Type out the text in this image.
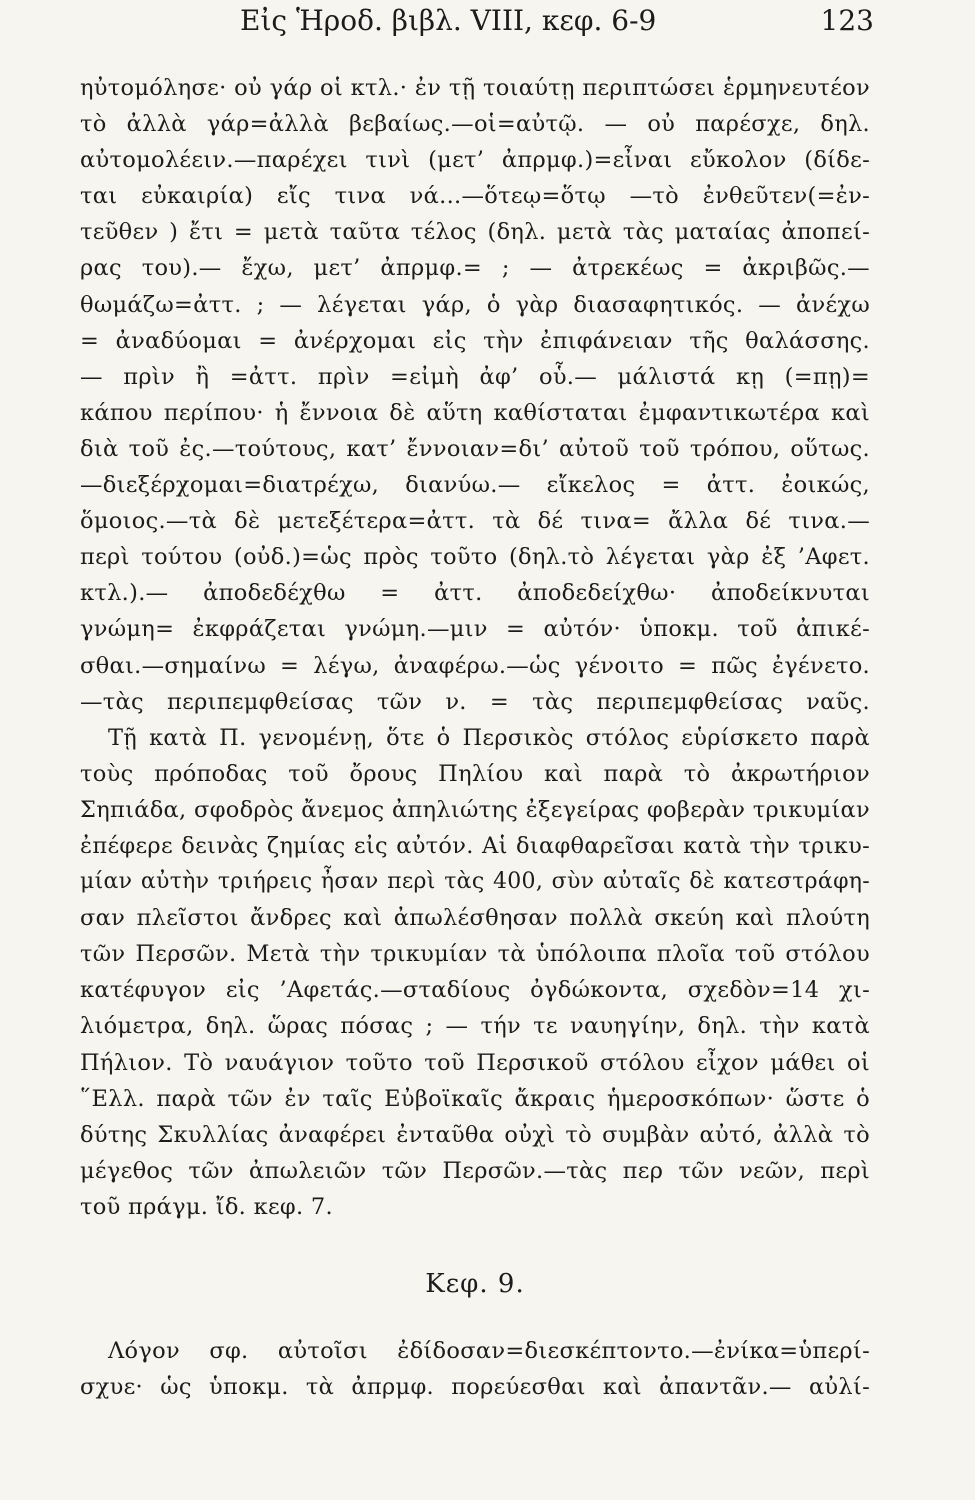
Εἰς Ἡροδ. βιβλ. VIII, κεφ. 6-9	123
ηὐτομόλησε· οὐ γάρ οἱ κτλ.· ἐν τῇ τοιαύτῃ περιπτώσει ἑρμηνευτέον
τὸ ἀλλὰ γάρ=ἀλλὰ βεβαίως.—οἱ=αὐτῷ. — οὐ παρέσχε, δηλ.
αὐτομολέειν.—παρέχει τινὶ (μετ’ ἀπρμφ.)=εἶναι εὔκολον (δίδε-
ται εὐκαιρία) εἴς τινα νά...—ὅτεῳ=ὅτῳ —τὸ ἐνθεῦτεν(=ἐν-
τεῦθεν ) ἔτι = μετὰ ταῦτα τέλος (δηλ. μετὰ τὰς ματαίας ἀποπεί-
ρας του).— ἔχω, μετ’ ἀπρμφ.= ; — ἀτρεκέως = ἀκριβῶς.—
θωμάζω=ἀττ. ; — λέγεται γάρ, ὁ γὰρ διασαφητικός. — ἀνέχω
= ἀναδύομαι = ἀνέρχομαι εἰς τὴν ἐπιφάνειαν τῆς θαλάσσης.
— πρὶν ἢ =ἀττ. πρὶν =εἰμὴ ἀφ’ οὗ.— μάλιστά κῃ (=πῃ)=
κάπου περίπου· ἡ ἔννοια δὲ αὕτη καθίσταται ἐμφαντικωτέρα καὶ
διὰ τοῦ ἐς.—τούτους, κατ’ ἔννοιαν=δι’ αὐτοῦ τοῦ τρόπου, οὕτως.
—διεξέρχομαι=διατρέχω, διανύω.— εἴκελος = ἀττ. ἐοικώς,
ὅμοιος.—τὰ δὲ μετεξέτερα=ἀττ. τὰ δέ τινα= ἄλλα δέ τινα.—
περὶ τούτου (οὐδ.)=ὡς πρὸς τοῦτο (δηλ.τὸ λέγεται γὰρ ἐξ ’Αφετ.
κτλ.).— ἀποδεδέχθω = ἀττ. ἀποδεδείχθω· ἀποδείκνυται
γνώμη= ἐκφράζεται γνώμη.—μιν = αὐτόν· ὑποκμ. τοῦ ἀπικέ-
σθαι.—σημαίνω = λέγω, ἀναφέρω.—ὡς γένοιτο = πῶς ἐγένετο.
—τὰς περιπεμφθείσας τῶν ν. = τὰς περιπεμφθείσας ναῦς.
Τῇ κατὰ Π. γενομένῃ, ὅτε ὁ Περσικὸς στόλος εὑρίσκετο παρὰ
τοὺς πρόποδας τοῦ ὄρους Πηλίου καὶ παρὰ τὸ ἀκρωτήριον
Σηπιάδα, σφοδρὸς ἄνεμος ἀπηλιώτης ἐξεγείρας φοβερὰν τρικυμίαν
ἐπέφερε δεινὰς ζημίας εἰς αὐτόν. Αἱ διαφθαρεῖσαι κατὰ τὴν τρικυ-
μίαν αὐτὴν τριήρεις ἦσαν περὶ τὰς 400, σὺν αὐταῖς δὲ κατεστράφη-
σαν πλεῖστοι ἄνδρες καὶ ἀπωλέσθησαν πολλὰ σκεύη καὶ πλούτη
τῶν Περσῶν. Μετὰ τὴν τρικυμίαν τὰ ὑπόλοιπα πλοῖα τοῦ στόλου
κατέφυγον εἰς ’Αφετάς.—σταδίους ὀγδώκοντα, σχεδὸν=14 χι-
λιόμετρα, δηλ. ὥρας πόσας ; — τήν τε ναυηγίην, δηλ. τὴν κατὰ
Πήλιον. Τὸ ναυάγιον τοῦτο τοῦ Περσικοῦ στόλου εἶχον μάθει οἱ
῞Ελλ. παρὰ τῶν ἐν ταῖς Εὐβοϊκαῖς ἄκραις ἡμεροσκόπων· ὥστε ὁ
δύτης Σκυλλίας ἀναφέρει ἐνταῦθα οὐχὶ τὸ συμβὰν αὐτό, ἀλλὰ τὸ
μέγεθος τῶν ἀπωλειῶν τῶν Περσῶν.—τὰς περ τῶν νεῶν, περὶ
τοῦ πράγμ. ἴδ. κεφ. 7.
Κεφ. 9.
Λόγον σφ. αὐτοῖσι ἐδίδοσαν=διεσκέπτοντο.—ἐνίκα=ὑπερί-
σχυε· ὡς ὑποκμ. τὰ ἀπρμφ. πορεύεσθαι καὶ ἀπαντᾶν.— αὐλί-
